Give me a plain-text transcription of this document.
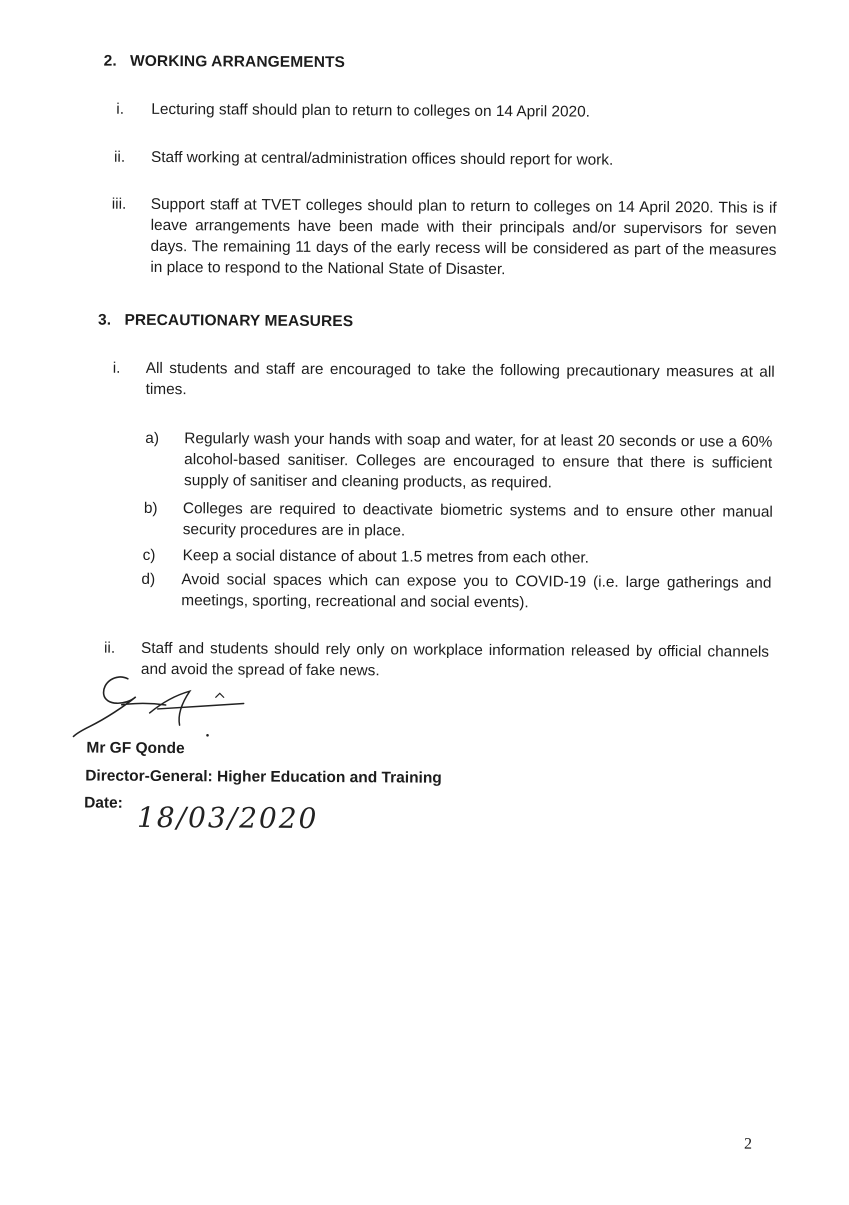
2. WORKING ARRANGEMENTS
i. Lecturing staff should plan to return to colleges on 14 April 2020.
ii. Staff working at central/administration offices should report for work.
iii. Support staff at TVET colleges should plan to return to colleges on 14 April 2020. This is if leave arrangements have been made with their principals and/or supervisors for seven days. The remaining 11 days of the early recess will be considered as part of the measures in place to respond to the National State of Disaster.
3. PRECAUTIONARY MEASURES
i. All students and staff are encouraged to take the following precautionary measures at all times.
a) Regularly wash your hands with soap and water, for at least 20 seconds or use a 60% alcohol-based sanitiser. Colleges are encouraged to ensure that there is sufficient supply of sanitiser and cleaning products, as required.
b) Colleges are required to deactivate biometric systems and to ensure other manual security procedures are in place.
c) Keep a social distance of about 1.5 metres from each other.
d) Avoid social spaces which can expose you to COVID-19 (i.e. large gatherings and meetings, sporting, recreational and social events).
ii. Staff and students should rely only on workplace information released by official channels and avoid the spread of fake news.
Mr GF Qonde
Director-General: Higher Education and Training
Date: 18/03/2020
2
